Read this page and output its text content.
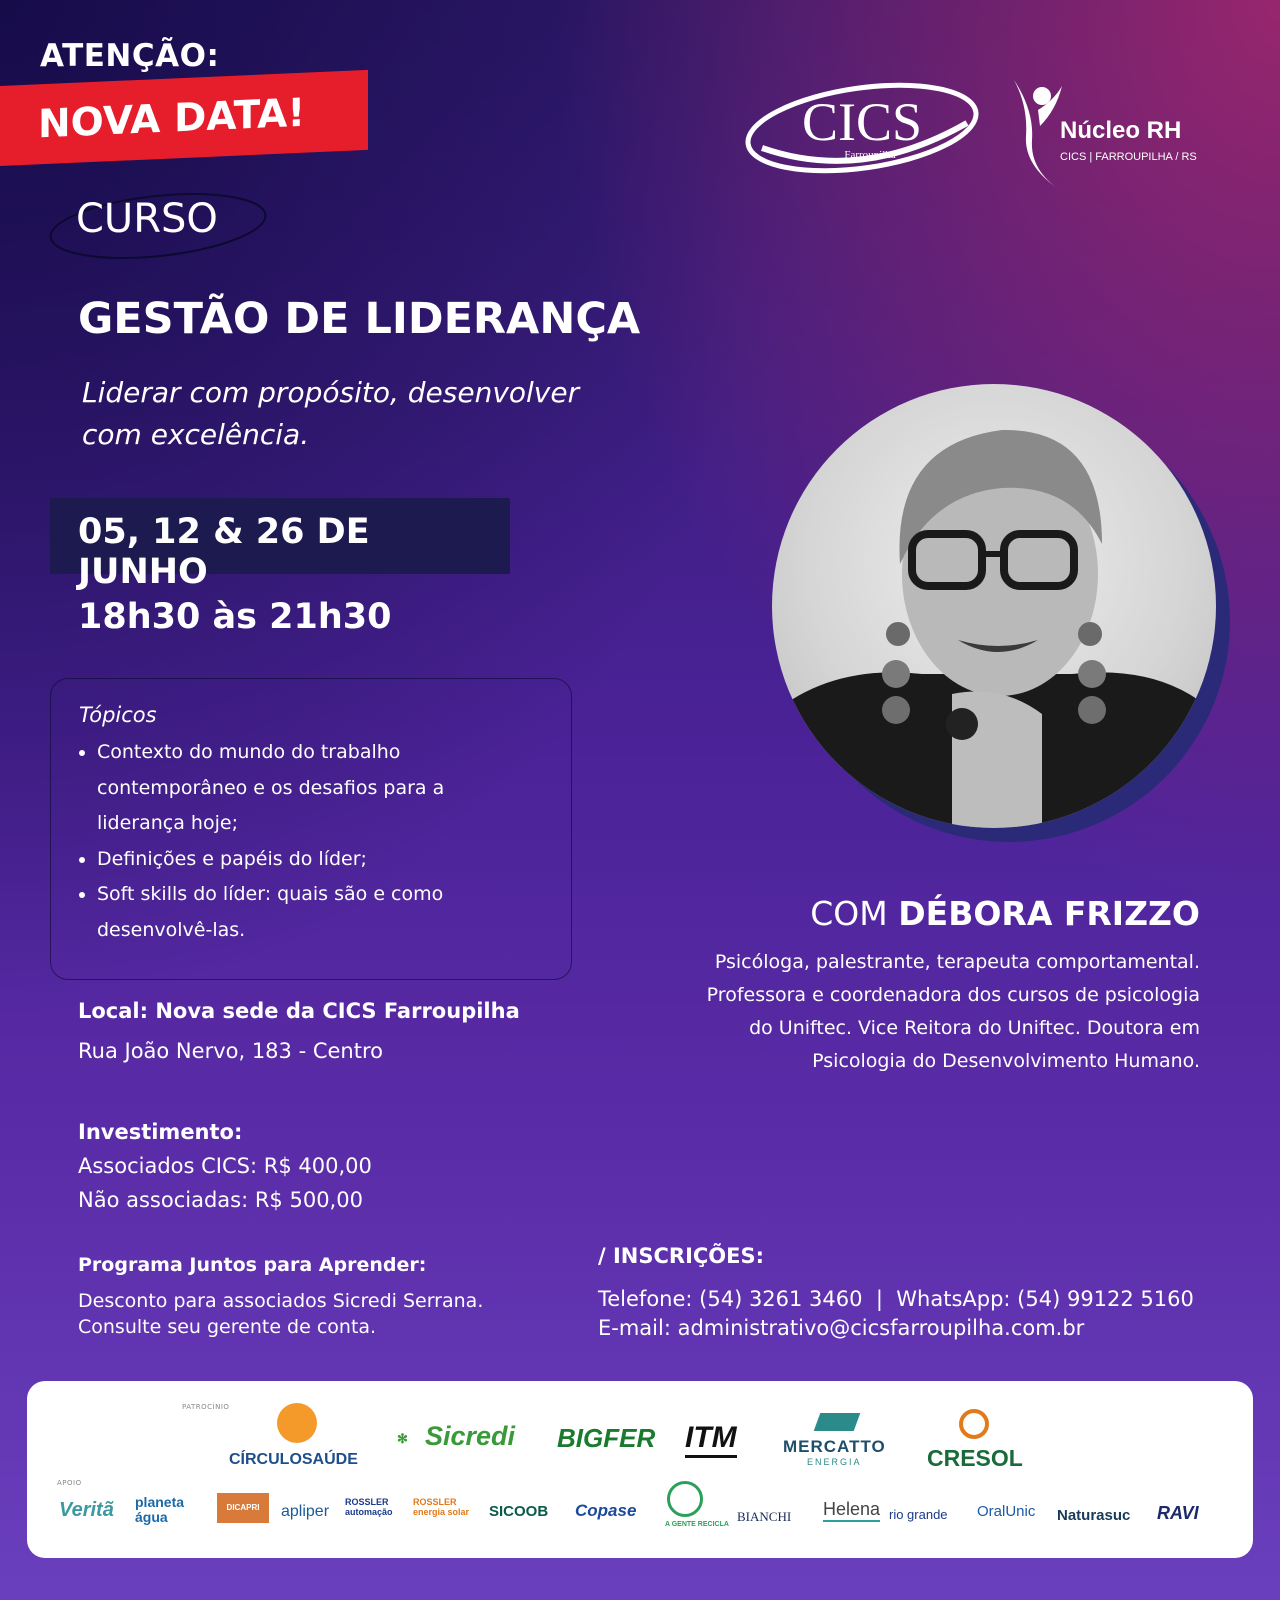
ATENÇÃO:
NOVA DATA!
CURSO
GESTÃO DE LIDERANÇA
Liderar com propósito, desenvolver
com excelência.
05, 12 & 26 DE JUNHO
18h30 às 21h30
Tópicos
• Contexto do mundo do trabalho contemporâneo e os desafios para a liderança hoje;
• Definições e papéis do líder;
• Soft skills do líder: quais são e como desenvolvê-las.
Local: Nova sede da CICS Farroupilha
Rua João Nervo, 183 - Centro
Investimento:
Associados CICS: R$ 400,00
Não associadas: R$ 500,00
Programa Juntos para Aprender:
Desconto para associados Sicredi Serrana.
Consulte seu gerente de conta.
/ INSCRIÇÕES:
Telefone: (54) 3261 3460  |  WhatsApp: (54) 99122 5160
E-mail: administrativo@cicsfarroupilha.com.br
CICS
Farroupilha
Núcleo RH
CICS | FARROUPILHA / RS
COM DÉBORA FRIZZO
Psicóloga, palestrante, terapeuta comportamental.
Professora e coordenadora dos cursos de psicologia
do Uniftec. Vice Reitora do Uniftec. Doutora em
Psicologia do Desenvolvimento Humano.
PATROCÍNIO
APOIO
CÍRCULOSAÚDE
✻ Sicredi BIGFER ITM	MERCATTO
ENERGIA	CRESOL
Veritã planeta água
DICAPRI	apliper
ROSSLER automação
ROSSLER energia solar	SICOOB Copase
A GENTE RECICLA
BIANCHI Helena rio grande OralUnic Naturasuc RAVI
